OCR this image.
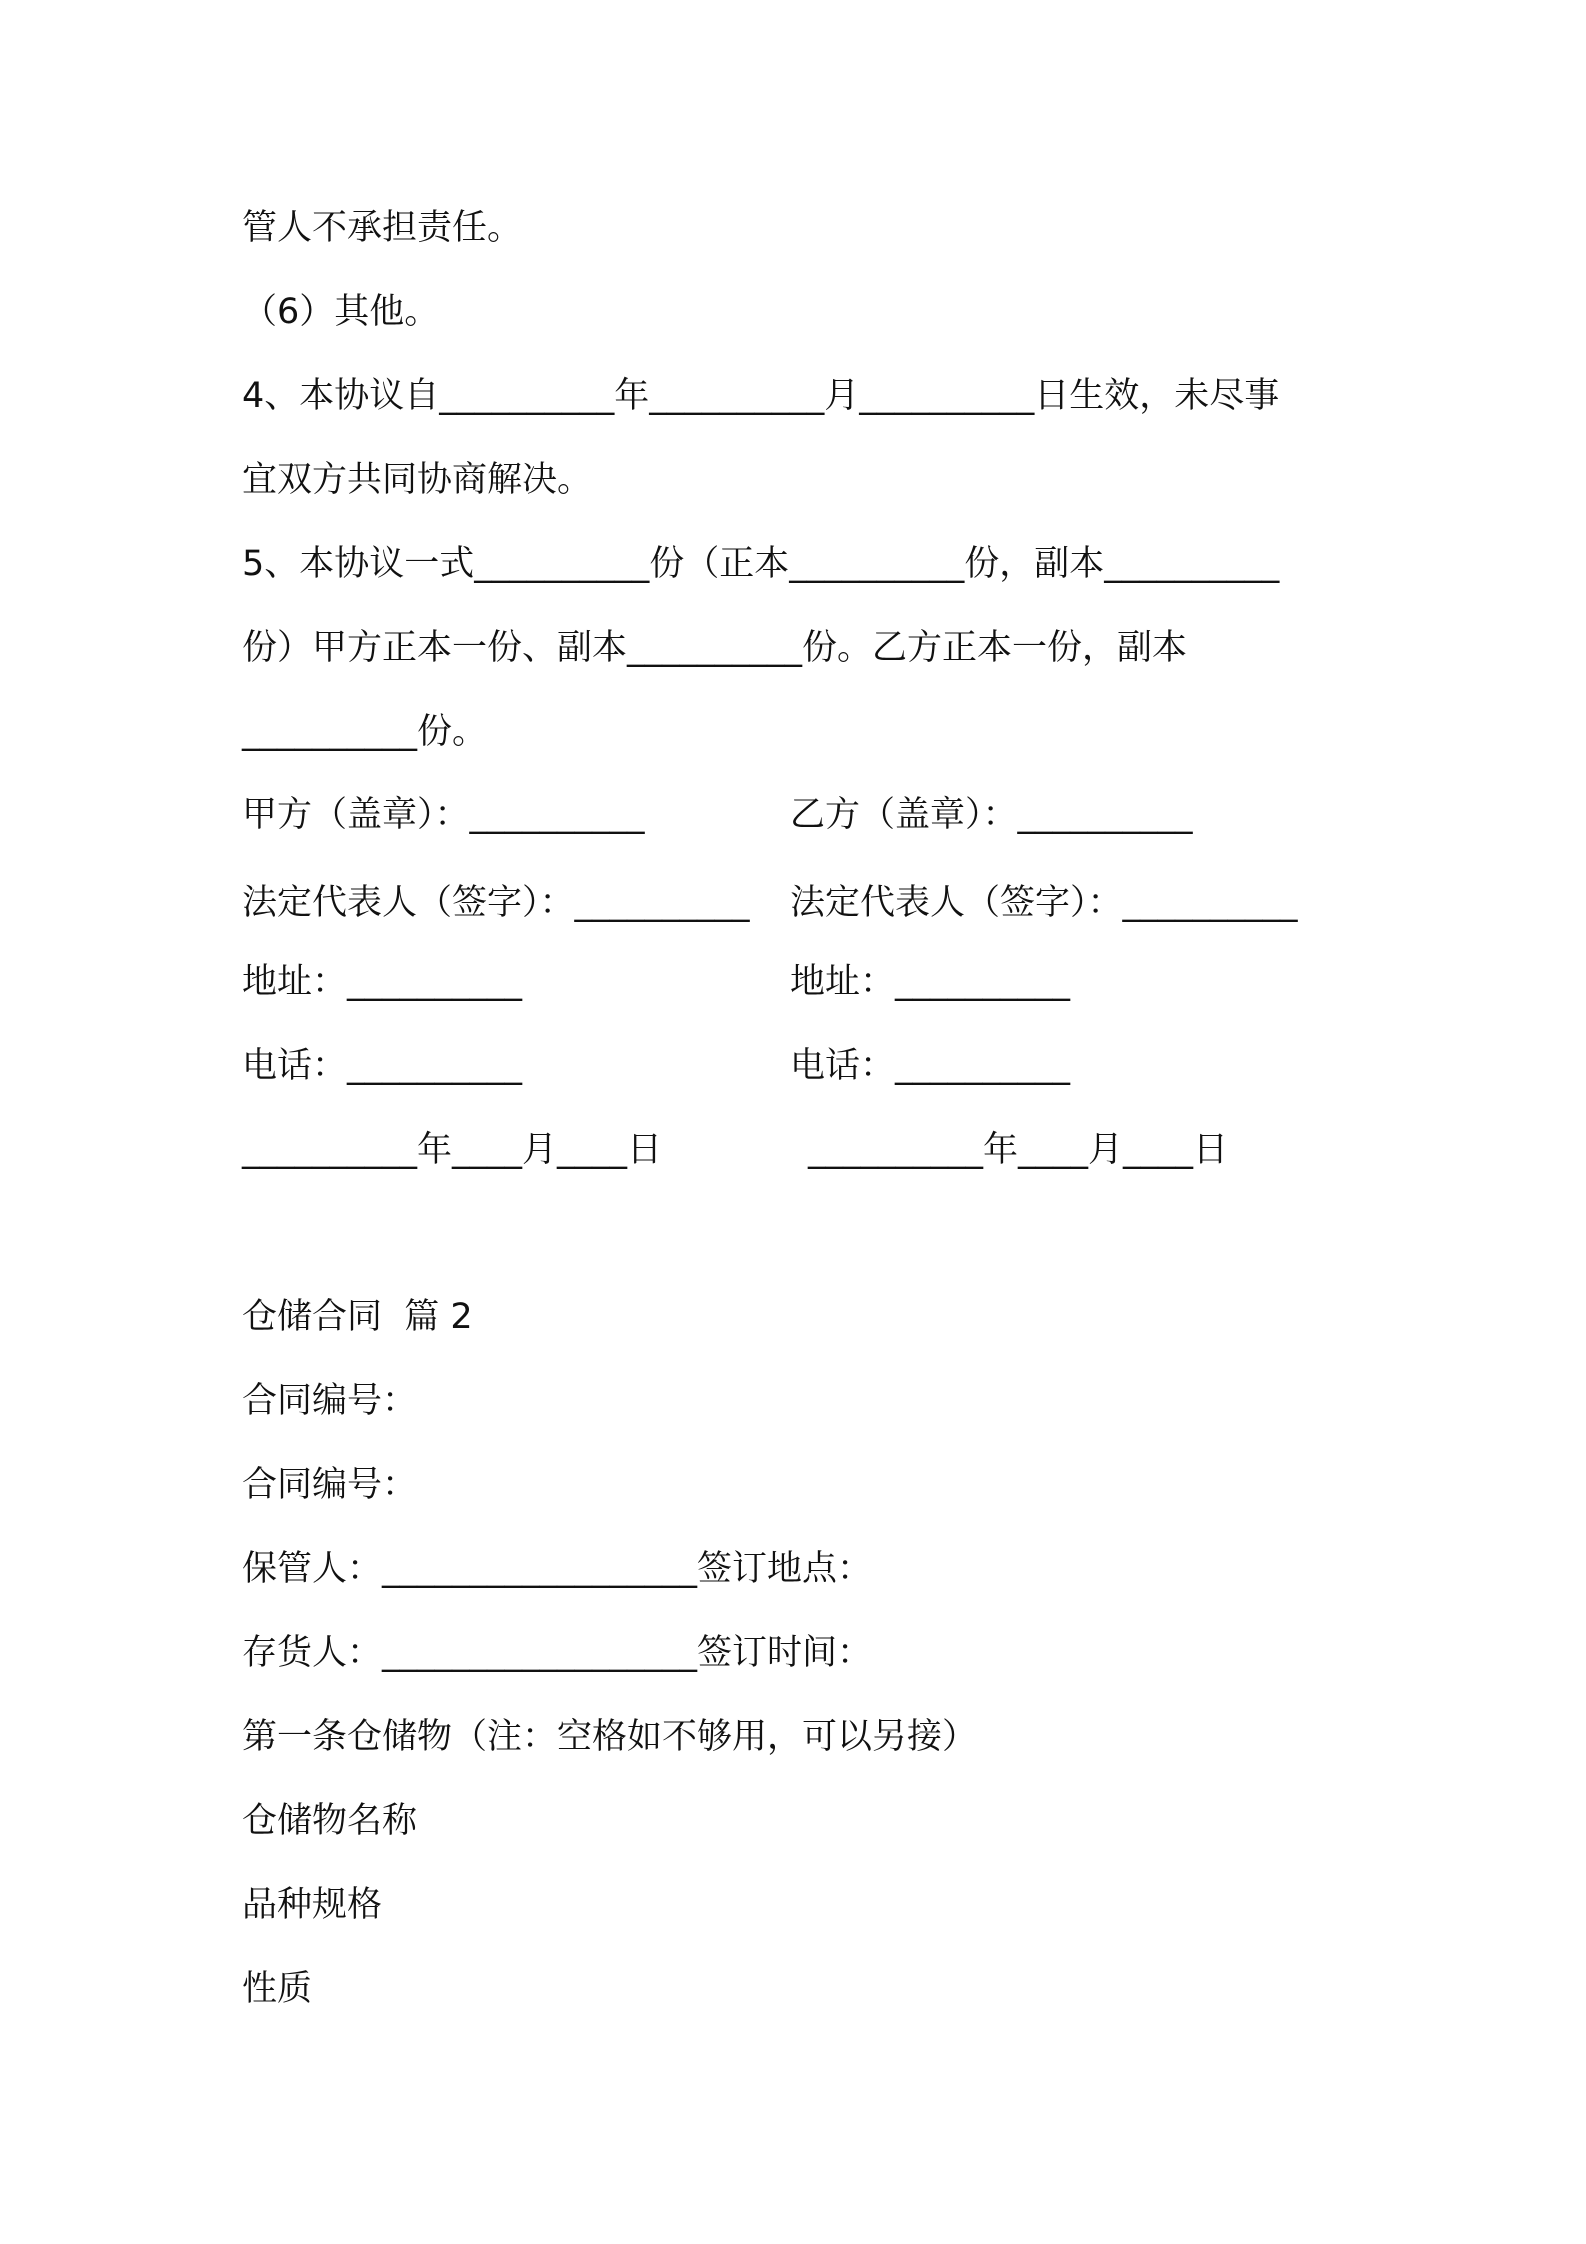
管人不承担责任。
（6）其他。
4、本协议自__________年__________月__________日生效，未尽事
宜双方共同协商解决。
5、本协议一式__________份（正本__________份，副本__________
份）甲方正本一份、副本__________份。乙方正本一份，副本
__________份。
甲方（盖章）：__________	乙方（盖章）：__________
法定代表人（签字）：__________ 法定代表人（签字）：__________
地址：__________	地址：__________
电话：__________	电话：__________
__________年____月____日	__________年____月____日
仓储合同  篇 2
合同编号：
合同编号：
保管人：__________________签订地点：
存货人：__________________签订时间：
第一条仓储物（注：空格如不够用，可以另接）
仓储物名称
品种规格
性质
